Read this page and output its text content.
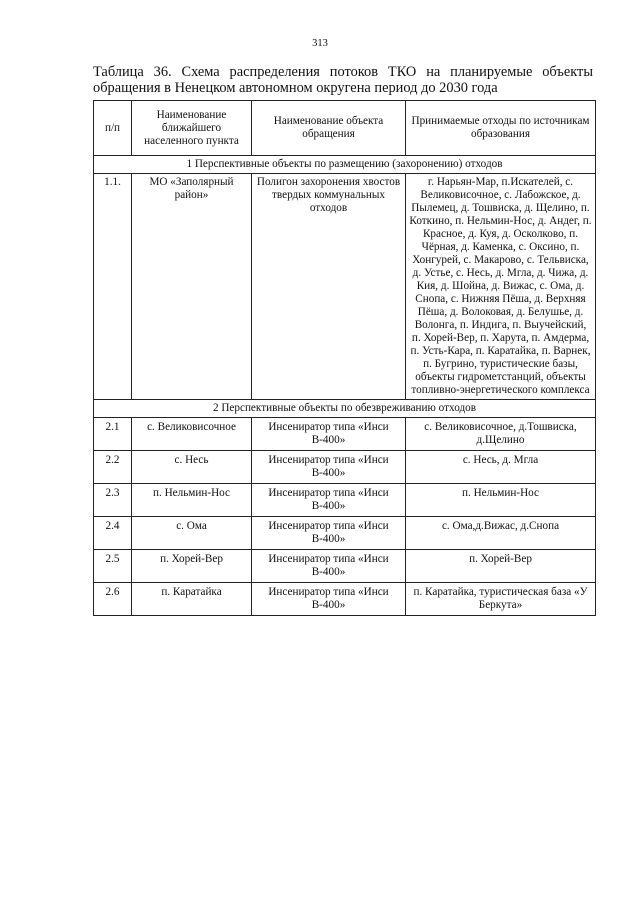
313
Таблица 36. Схема распределения потоков ТКО на планируемые объекты обращения в Ненецком автономном округена период до 2030 года
п/п	Наименование ближайшего населенного пункта	Наименование объекта обращения	Принимаемые отходы по источникам образования
1 Перспективные объекты по размещению (захоронению) отходов			
1.1.	МО «Заполярный район»	Полигон захоронения хвостов твердых коммунальных отходов	г. Нарьян-Мар, п.Искателей, с. Великовисочное, с. Лабожское, д. Пылемец, д. Тошвиска, д. Щелино, п. Коткино, п. Нельмин-Нос, д. Андег, п. Красное, д. Куя, д. Осколково, п. Чёрная, д. Каменка, с. Оксино, п. Хонгурей, с. Макарово, с. Тельвиска, д. Устье, с. Несь, д. Мгла, д. Чижа, д. Кия, д. Шойна, д. Вижас, с. Ома, д. Снопа, с. Нижняя Пёша, д. Верхняя Пёша, д. Волоковая, д. Белушье, д. Волонга, п. Индига, п. Выучейский, п. Хорей-Вер, п. Харута, п. Амдерма, п. Усть-Кара, п. Каратайка, п. Варнек, п. Бугрино, туристические базы, объекты гидрометстанций, объекты топливно-энергетического комплекса
2 Перспективные объекты по обезвреживанию отходов			
2.1	с. Великовисочное	Инсениратор типа «Инси В-400»	с. Великовисочное, д.Тошвиска, д.Щелино
2.2	с. Несь	Инсениратор типа «Инси В-400»	с. Несь, д. Мгла
2.3	п. Нельмин-Нос	Инсениратор типа «Инси В-400»	п. Нельмин-Нос
2.4	с. Ома	Инсениратор типа «Инси В-400»	с. Ома,д.Вижас, д.Снопа
2.5	п. Хорей-Вер	Инсениратор типа «Инси В-400»	п. Хорей-Вер
2.6	п. Каратайка	Инсениратор типа «Инси В-400»	п. Каратайка, туристическая база «У Беркута»
